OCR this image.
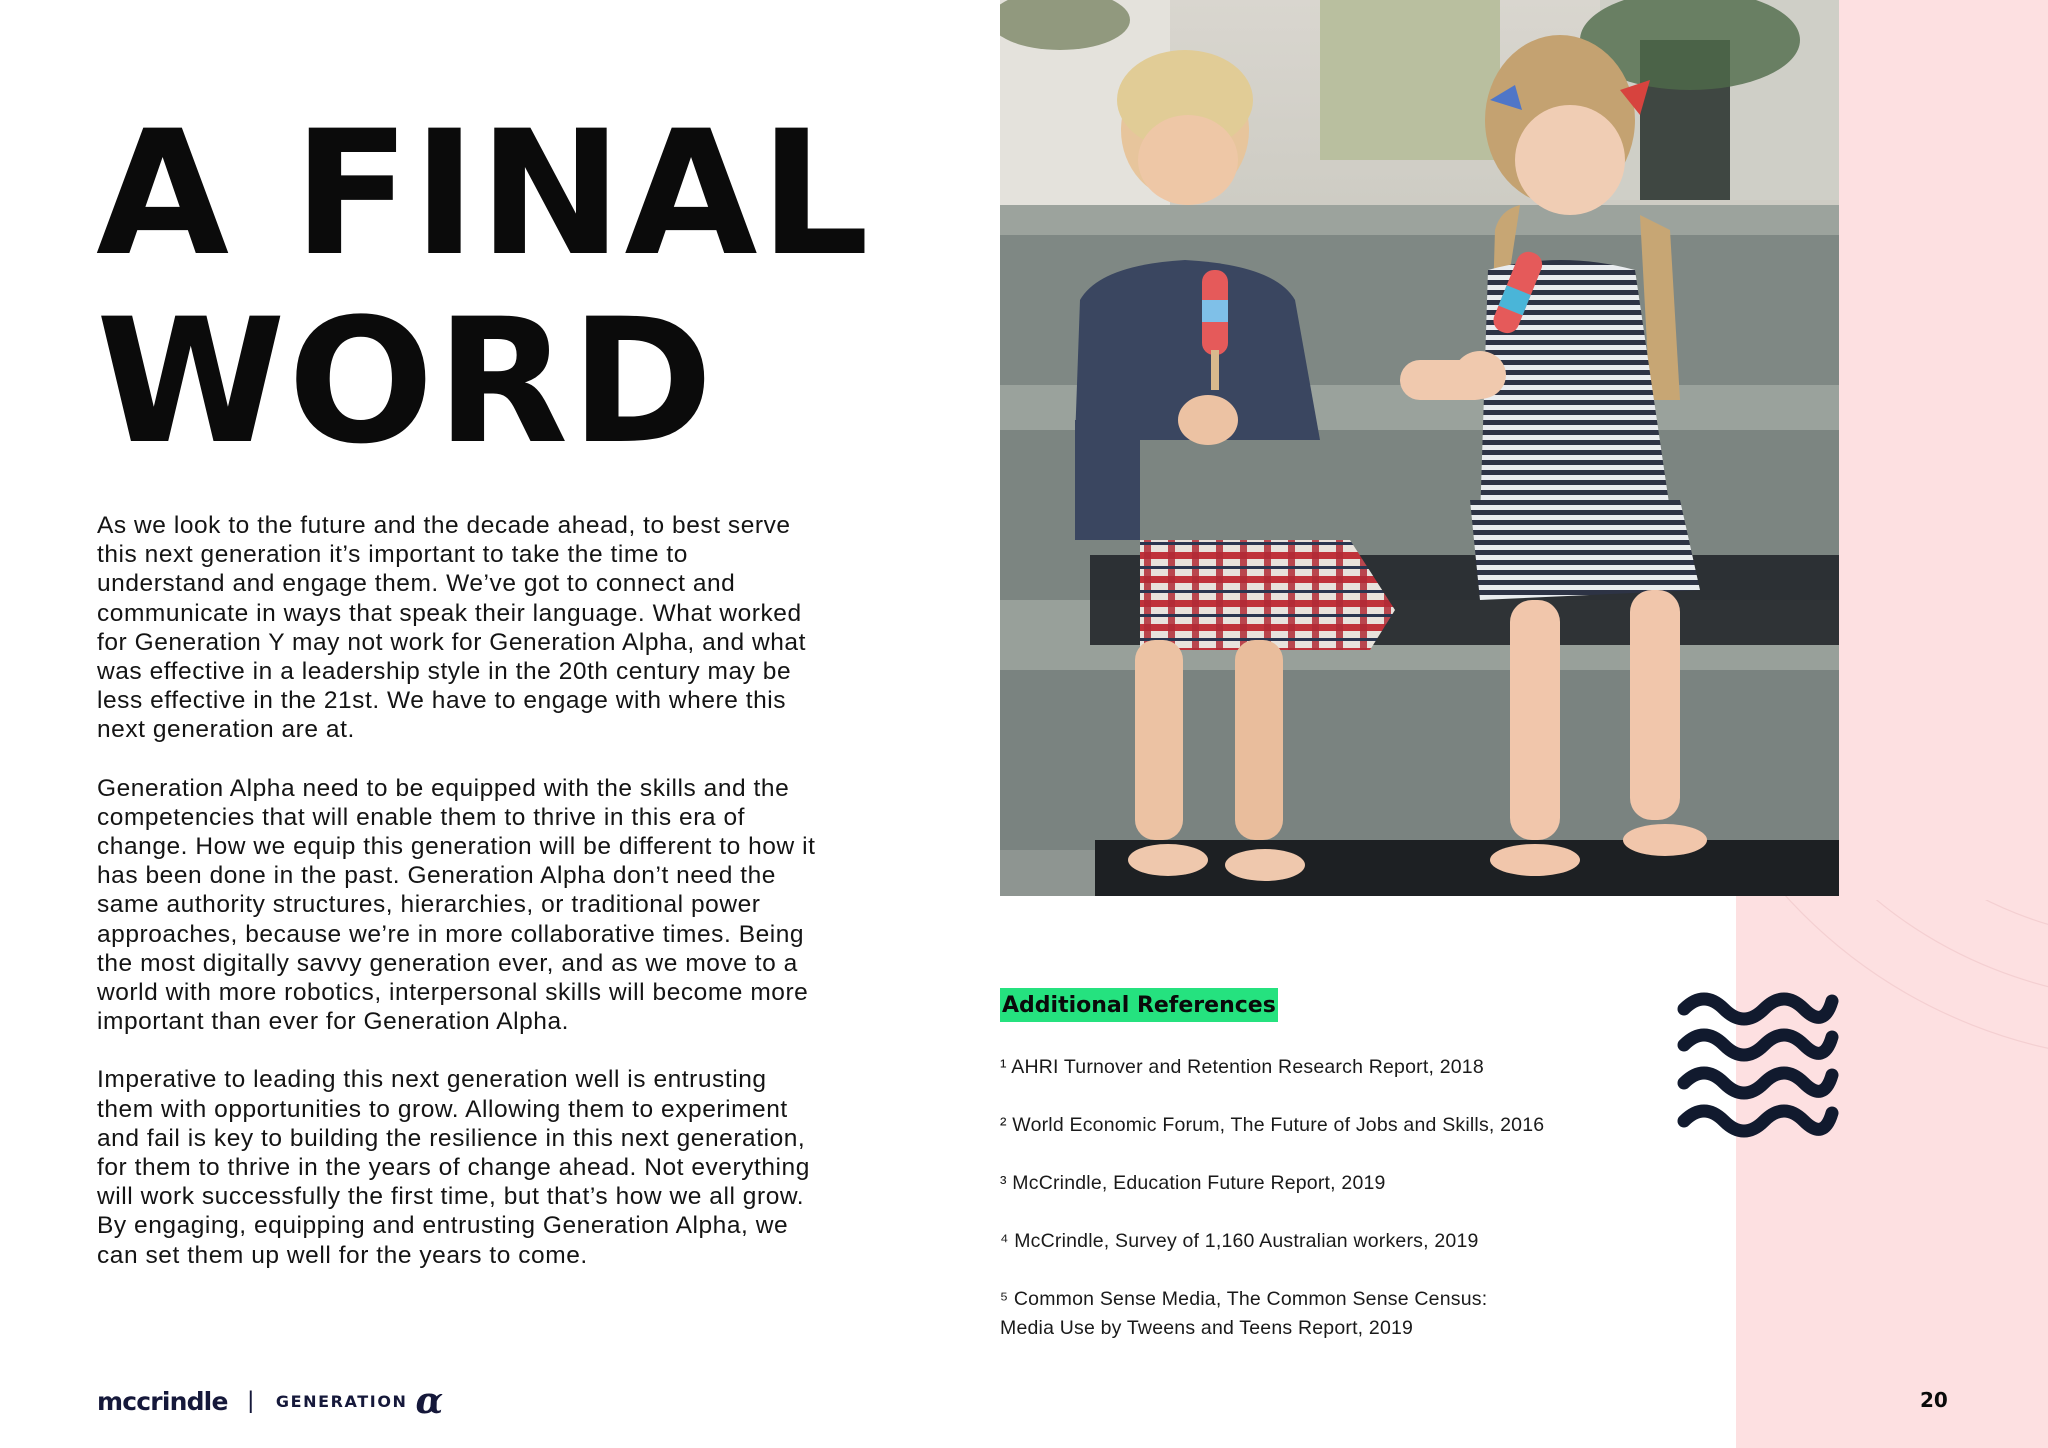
A FINAL
WORD

As we look to the future and the decade ahead, to best serve this next generation it’s important to take the time to understand and engage them. We’ve got to connect and communicate in ways that speak their language. What worked for Generation Y may not work for Generation Alpha, and what was effective in a leadership style in the 20th century may be less effective in the 21st. We have to engage with where this next generation are at.

Generation Alpha need to be equipped with the skills and the competencies that will enable them to thrive in this era of change. How we equip this generation will be different to how it has been done in the past. Generation Alpha don’t need the same authority structures, hierarchies, or traditional power approaches, because we’re in more collaborative times. Being the most digitally savvy generation ever, and as we move to a world with more robotics, interpersonal skills will become more important than ever for Generation Alpha.

Imperative to leading this next generation well is entrusting them with opportunities to grow. Allowing them to experiment and fail is key to building the resilience in this next generation, for them to thrive in the years of change ahead. Not everything will work successfully the first time, but that’s how we all grow. By engaging, equipping and entrusting Generation Alpha, we can set them up well for the years to come.

Additional References
¹ AHRI Turnover and Retention Research Report, 2018
² World Economic Forum, The Future of Jobs and Skills, 2016
³ McCrindle, Education Future Report, 2019
⁴ McCrindle, Survey of 1,160 Australian workers, 2019
⁵ Common Sense Media, The Common Sense Census:
Media Use by Tweens and Teens Report, 2019
mccrindle | GENERATION α	20
